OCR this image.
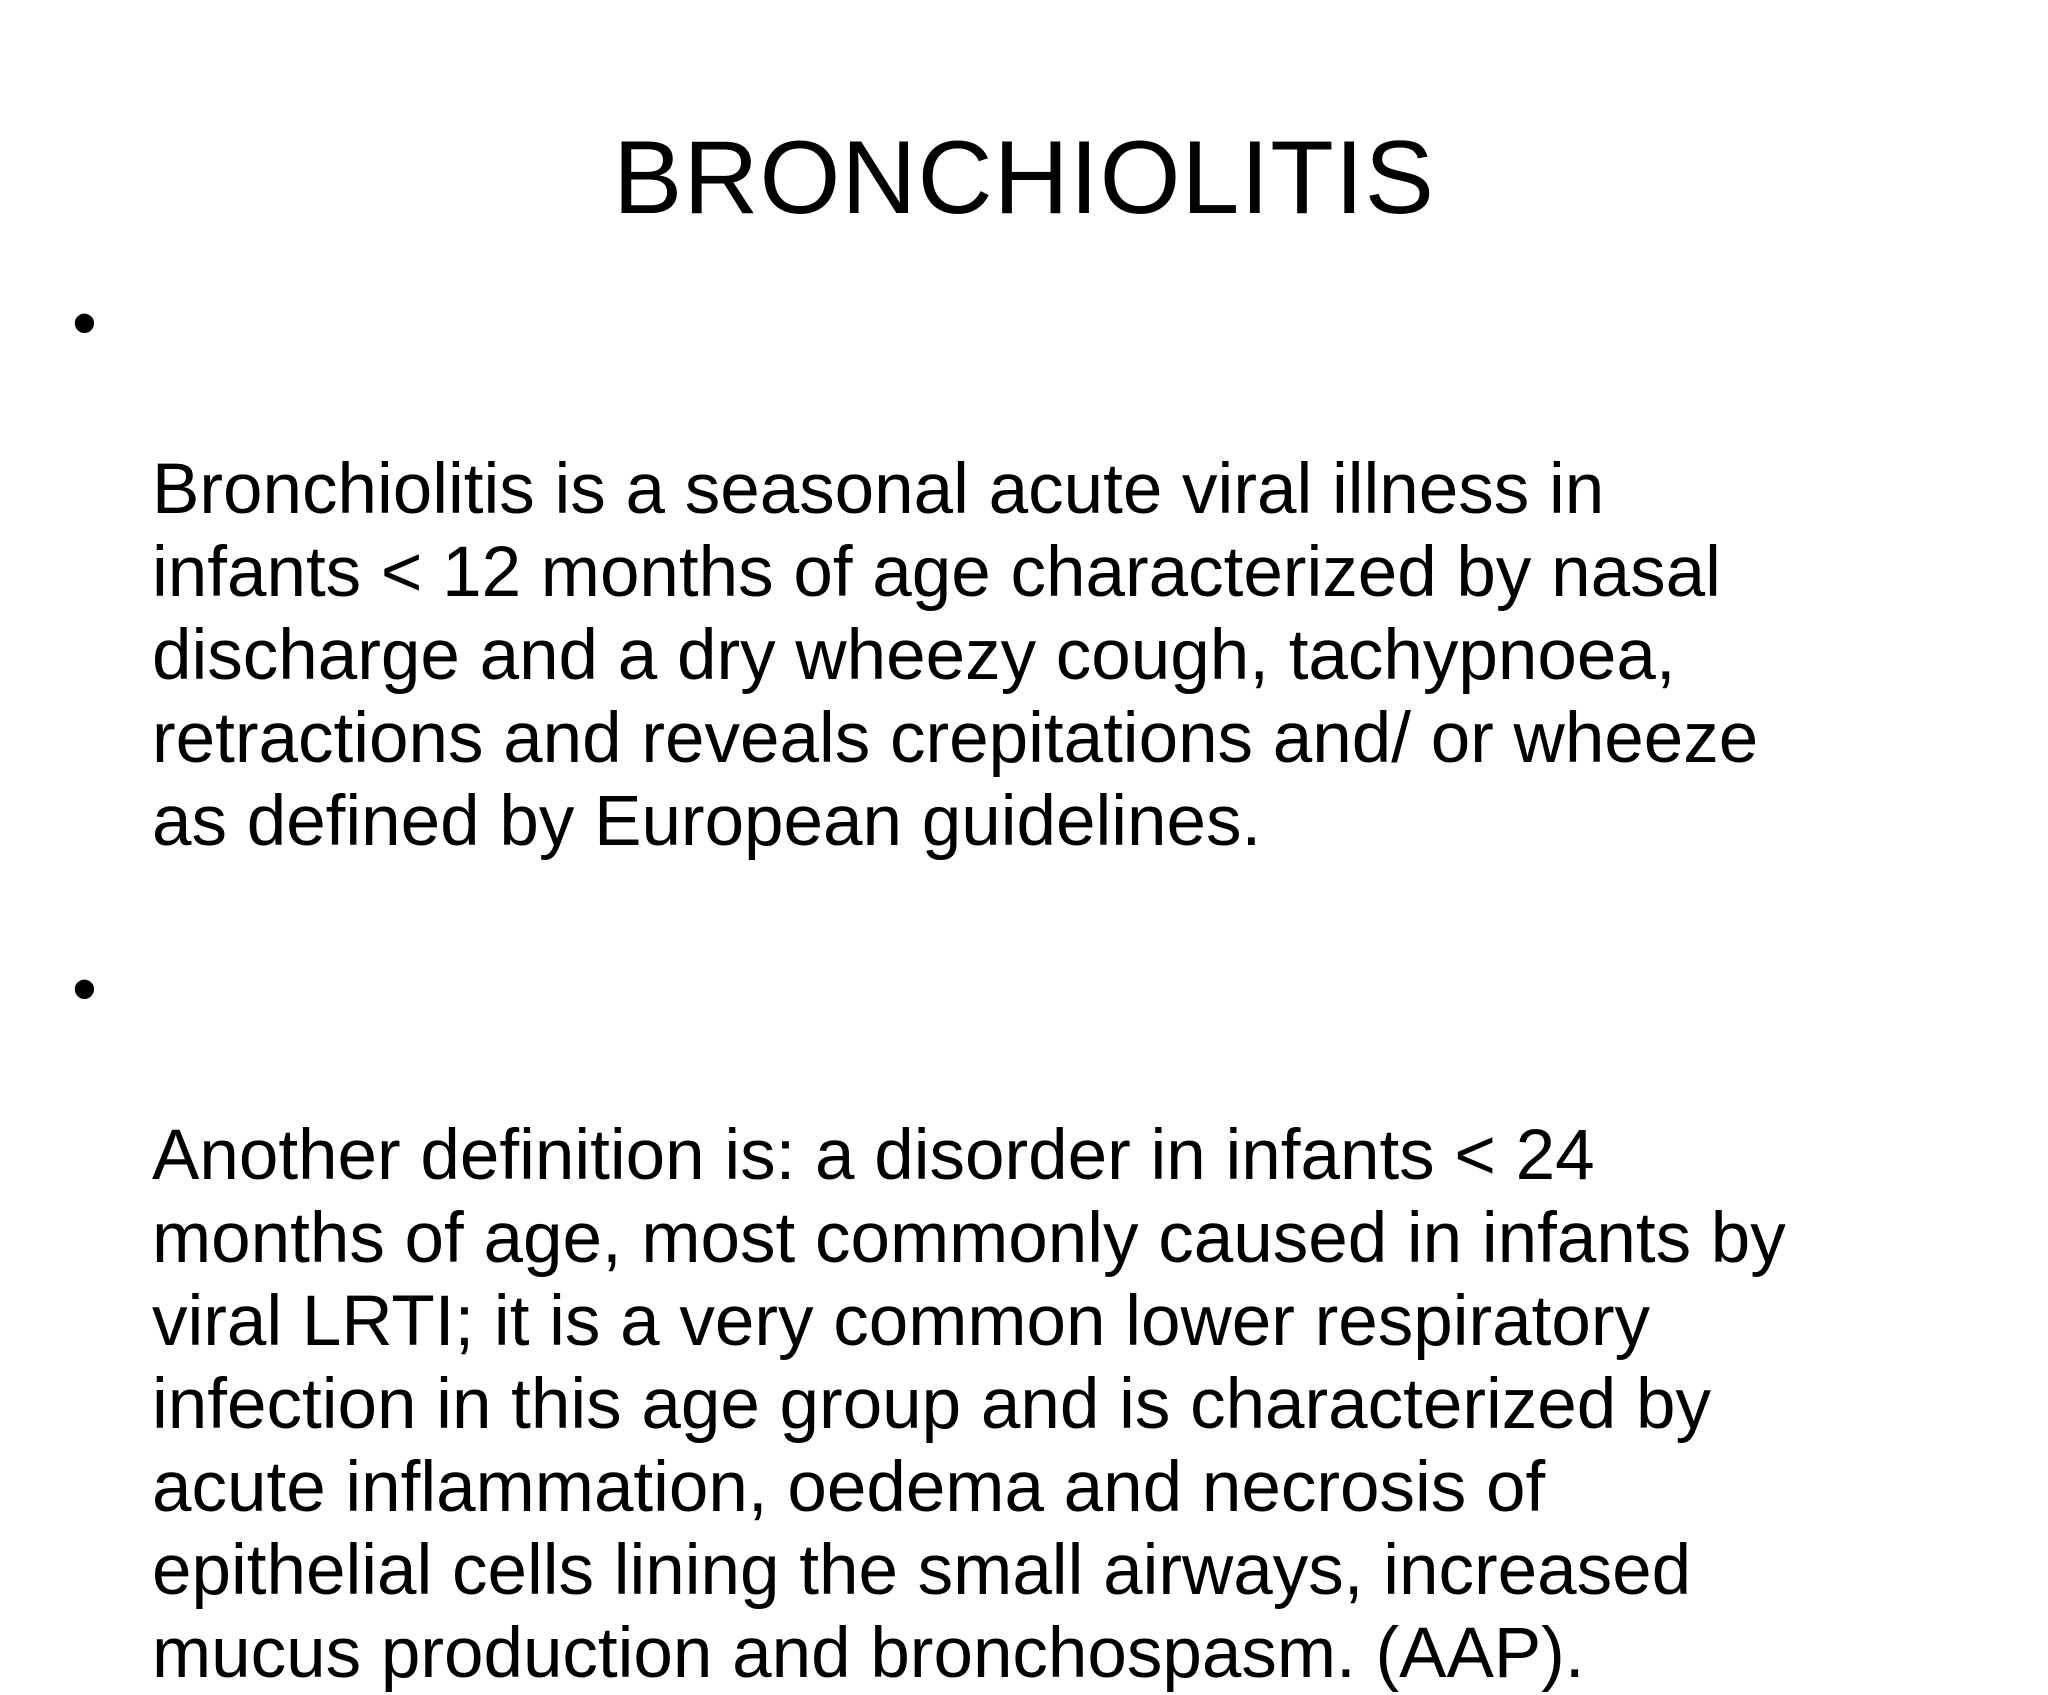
BRONCHIOLITIS

•

Bronchiolitis is a seasonal acute viral illness in
infants < 12 months of age characterized by nasal
discharge and a dry wheezy cough, tachypnoea,
retractions and reveals crepitations and/ or wheeze
as defined by European guidelines.

•

Another definition is: a disorder in infants < 24
months of age, most commonly caused in infants by
viral LRTI; it is a very common lower respiratory
infection in this age group and is characterized by
acute inflammation, oedema and necrosis of
epithelial cells lining the small airways, increased
mucus production and bronchospasm. (AAP).
